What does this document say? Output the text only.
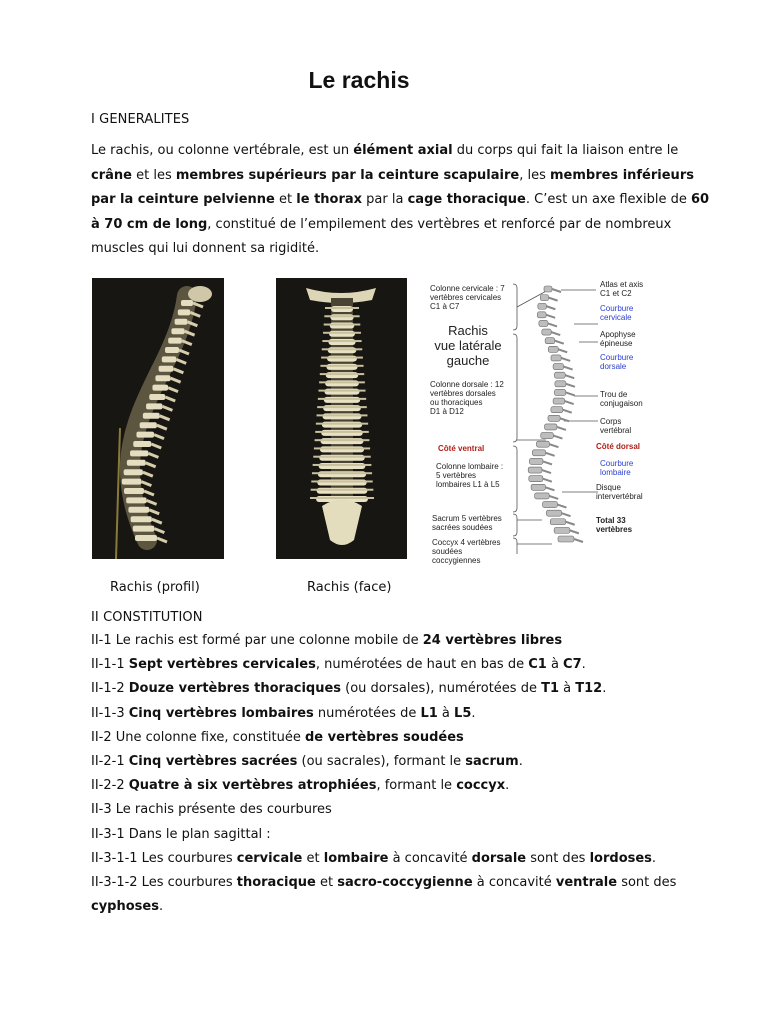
Le rachis
I GENERALITES
Le rachis, ou colonne vertébrale, est un élément axial du corps qui fait la liaison entre le crâne et les membres supérieurs par la ceinture scapulaire, les membres inférieurs par la ceinture pelvienne et le thorax par la cage thoracique. C’est un axe flexible de 60 à 70 cm de long, constitué de l’empilement des vertèbres et renforcé par de nombreux muscles qui lui donnent sa rigidité.
Rachis (profil)	Rachis (face)
Colonne cervicale : 7
vertèbres cervicales
C1 à C7
Rachis
vue latérale
gauche
Colonne dorsale : 12
vertèbres dorsales
ou thoraciques
D1 à D12
Côté ventral
Colonne lombaire :
5 vertèbres
lombaires L1 à L5
Sacrum 5 vertèbres
sacrées soudées
Coccyx 4 vertèbres
soudées
coccygiennes
Atlas et axis
C1 et C2
Courbure
cervicale
Apophyse
épineuse
Courbure
dorsale
Trou de
conjugaison
Corps
vertébral
Côté dorsal
Courbure
lombaire
Disque
intervertébral
Total 33
vertèbres
II CONSTITUTION
II-1 Le rachis est formé par une colonne mobile de 24 vertèbres libres
II-1-1 Sept vertèbres cervicales, numérotées de haut en bas de C1 à C7.
II-1-2 Douze vertèbres thoraciques (ou dorsales), numérotées de T1 à T12.
II-1-3 Cinq vertèbres lombaires numérotées de L1 à L5.
II-2 Une colonne fixe, constituée de vertèbres soudées
II-2-1 Cinq vertèbres sacrées (ou sacrales), formant le sacrum.
II-2-2 Quatre à six vertèbres atrophiées, formant le coccyx.
II-3 Le rachis présente des courbures
II-3-1 Dans le plan sagittal :
II-3-1-1 Les courbures cervicale et lombaire à concavité dorsale sont des lordoses.
II-3-1-2 Les courbures thoracique et sacro-coccygienne à concavité ventrale sont des
cyphoses.
